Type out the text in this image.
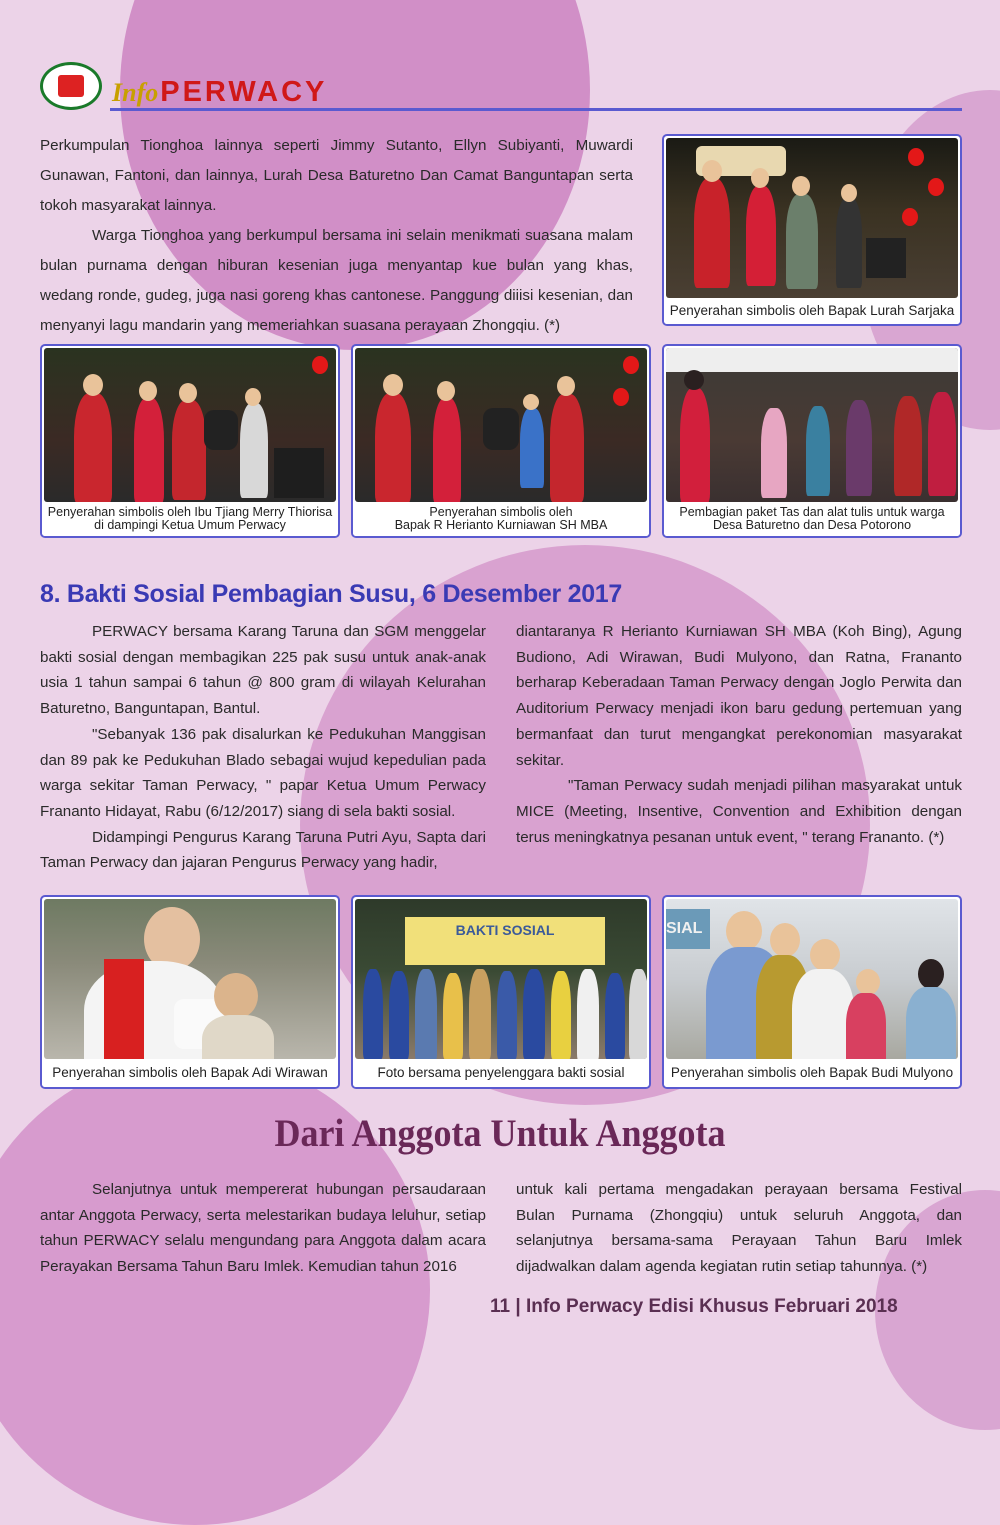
InfoPERWACY

Perkumpulan Tionghoa lainnya seperti Jimmy Sutanto, Ellyn Subiyanti, Muwardi Gunawan, Fantoni, dan lainnya, Lurah Desa Baturetno Dan Camat Banguntapan serta tokoh masyarakat lainnya.

Warga Tionghoa yang berkumpul bersama ini selain menikmati suasana malam bulan purnama dengan hiburan kesenian juga menyantap kue bulan yang khas, wedang ronde, gudeg, juga nasi goreng khas cantonese. Panggung diiisi kesenian, dan menyanyi lagu mandarin yang memeriahkan suasana perayaan Zhongqiu. (*)

Penyerahan simbolis oleh Bapak Lurah Sarjaka
Penyerahan simbolis oleh Ibu Tjiang Merry Thiorisa
di dampingi Ketua Umum Perwacy
Penyerahan simbolis oleh
Bapak R Herianto Kurniawan SH MBA
Pembagian paket Tas dan alat tulis untuk warga
Desa Baturetno dan Desa Potorono
8. Bakti Sosial Pembagian Susu, 6 Desember 2017

PERWACY bersama Karang Taruna dan SGM menggelar bakti sosial dengan membagikan 225 pak susu untuk anak-anak usia 1 tahun sampai 6 tahun @ 800 gram di wilayah Kelurahan Baturetno, Banguntapan, Bantul.

"Sebanyak 136 pak disalurkan ke Pedukuhan Manggisan dan 89 pak ke Pedukuhan Blado sebagai wujud kepedulian pada warga sekitar Taman Perwacy, " papar Ketua Umum Perwacy Frananto Hidayat, Rabu (6/12/2017) siang di sela bakti sosial.

Didampingi Pengurus Karang Taruna Putri Ayu, Sapta dari Taman Perwacy dan jajaran Pengurus Perwacy yang hadir,

diantaranya R Herianto Kurniawan SH MBA (Koh Bing), Agung Budiono, Adi Wirawan, Budi Mulyono, dan Ratna, Frananto berharap Keberadaan Taman Perwacy dengan Joglo Perwita dan Auditorium Perwacy menjadi ikon baru gedung pertemuan yang bermanfaat dan turut mengangkat perekonomian masyarakat sekitar.

"Taman Perwacy sudah menjadi pilihan masyarakat untuk MICE (Meeting, Insentive, Convention and Exhibition dengan terus meningkatnya pesanan untuk event, " terang Frananto. (*)

Penyerahan simbolis oleh Bapak Adi Wirawan
BAKTI SOSIAL
Foto bersama penyelenggara bakti sosial
SIAL
Penyerahan simbolis oleh Bapak Budi Mulyono
Dari Anggota Untuk Anggota

Selanjutnya untuk mempererat hubungan persaudaraan antar Anggota Perwacy, serta melestarikan budaya leluhur, setiap tahun PERWACY selalu mengundang para Anggota dalam acara Perayakan Bersama Tahun Baru Imlek. Kemudian tahun 2016

untuk kali pertama mengadakan perayaan bersama Festival Bulan Purnama (Zhongqiu) untuk seluruh Anggota, dan selanjutnya bersama-sama Perayaan Tahun Baru Imlek dijadwalkan dalam agenda kegiatan rutin setiap tahunnya. (*)

11 | Info Perwacy Edisi Khusus Februari 2018
